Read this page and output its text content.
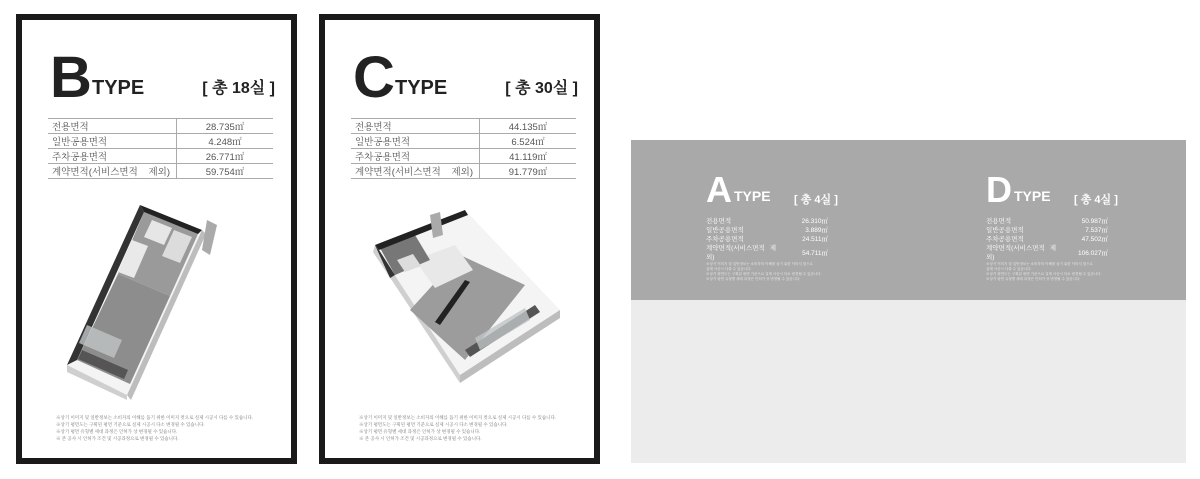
B TYPE	[ 총 18실 ]
전용면적	28.735㎡
일반공용면적	4.248㎡
주차공용면적	26.771㎡
계약면적(서비스면적 제외)	59.754㎡
※상기 이미지 및 일반정보는 소비자의 이해를 돕기 위한 이미지 컷으로 실제 시공시 다를 수 있습니다.
※상기 평면도는 구획된 평면 기준으로 실제 시공시 다소 변경될 수 있습니다.
※상기 평면 유형별 세대 과정은 인허가 상 변경될 수 있습니다.
※ 본 공사 시 인허가 조건 및 시공과정으로 변경될 수 있습니다.
C TYPE	[ 총 30실 ]
전용면적	44.135㎡
일반공용면적	6.524㎡
주차공용면적	41.119㎡
계약면적(서비스면적 제외)	91.779㎡
※상기 이미지 및 일반정보는 소비자의 이해를 돕기 위한 이미지 컷으로 실제 시공시 다를 수 있습니다.
※상기 평면도는 구획된 평면 기준으로 실제 시공시 다소 변경될 수 있습니다.
※상기 평면 유형별 세대 과정은 인허가 상 변경될 수 있습니다.
※ 본 공사 시 인허가 조건 및 시공과정으로 변경될 수 있습니다.
A TYPE [ 총 4실 ]
전용면적	26.310㎡
일반공용면적	3.889㎡
주차공용면적	24.511㎡
계약면적(서비스면적 제외)	54.711㎡
※상기 이미지 및 일반정보는 소비자의 이해를 돕기 위한 이미지 컷으로
실제 시공시 다를 수 있습니다.
※상기 평면도는 구획된 평면 기준으로 실제 시공시 다소 변경될 수 있습니다.
※상기 평면 유형별 세대 과정은 인허가 상 변경될 수 있습니다.
D TYPE [ 총 4실 ]
전용면적	50.987㎡
일반공용면적	7.537㎡
주차공용면적	47.502㎡
계약면적(서비스면적 제외)	106.027㎡
※상기 이미지 및 일반정보는 소비자의 이해를 돕기 위한 이미지 컷으로
실제 시공시 다를 수 있습니다.
※상기 평면도는 구획된 평면 기준으로 실제 시공시 다소 변경될 수 있습니다.
※상기 평면 유형별 세대 과정은 인허가 상 변경될 수 있습니다.
